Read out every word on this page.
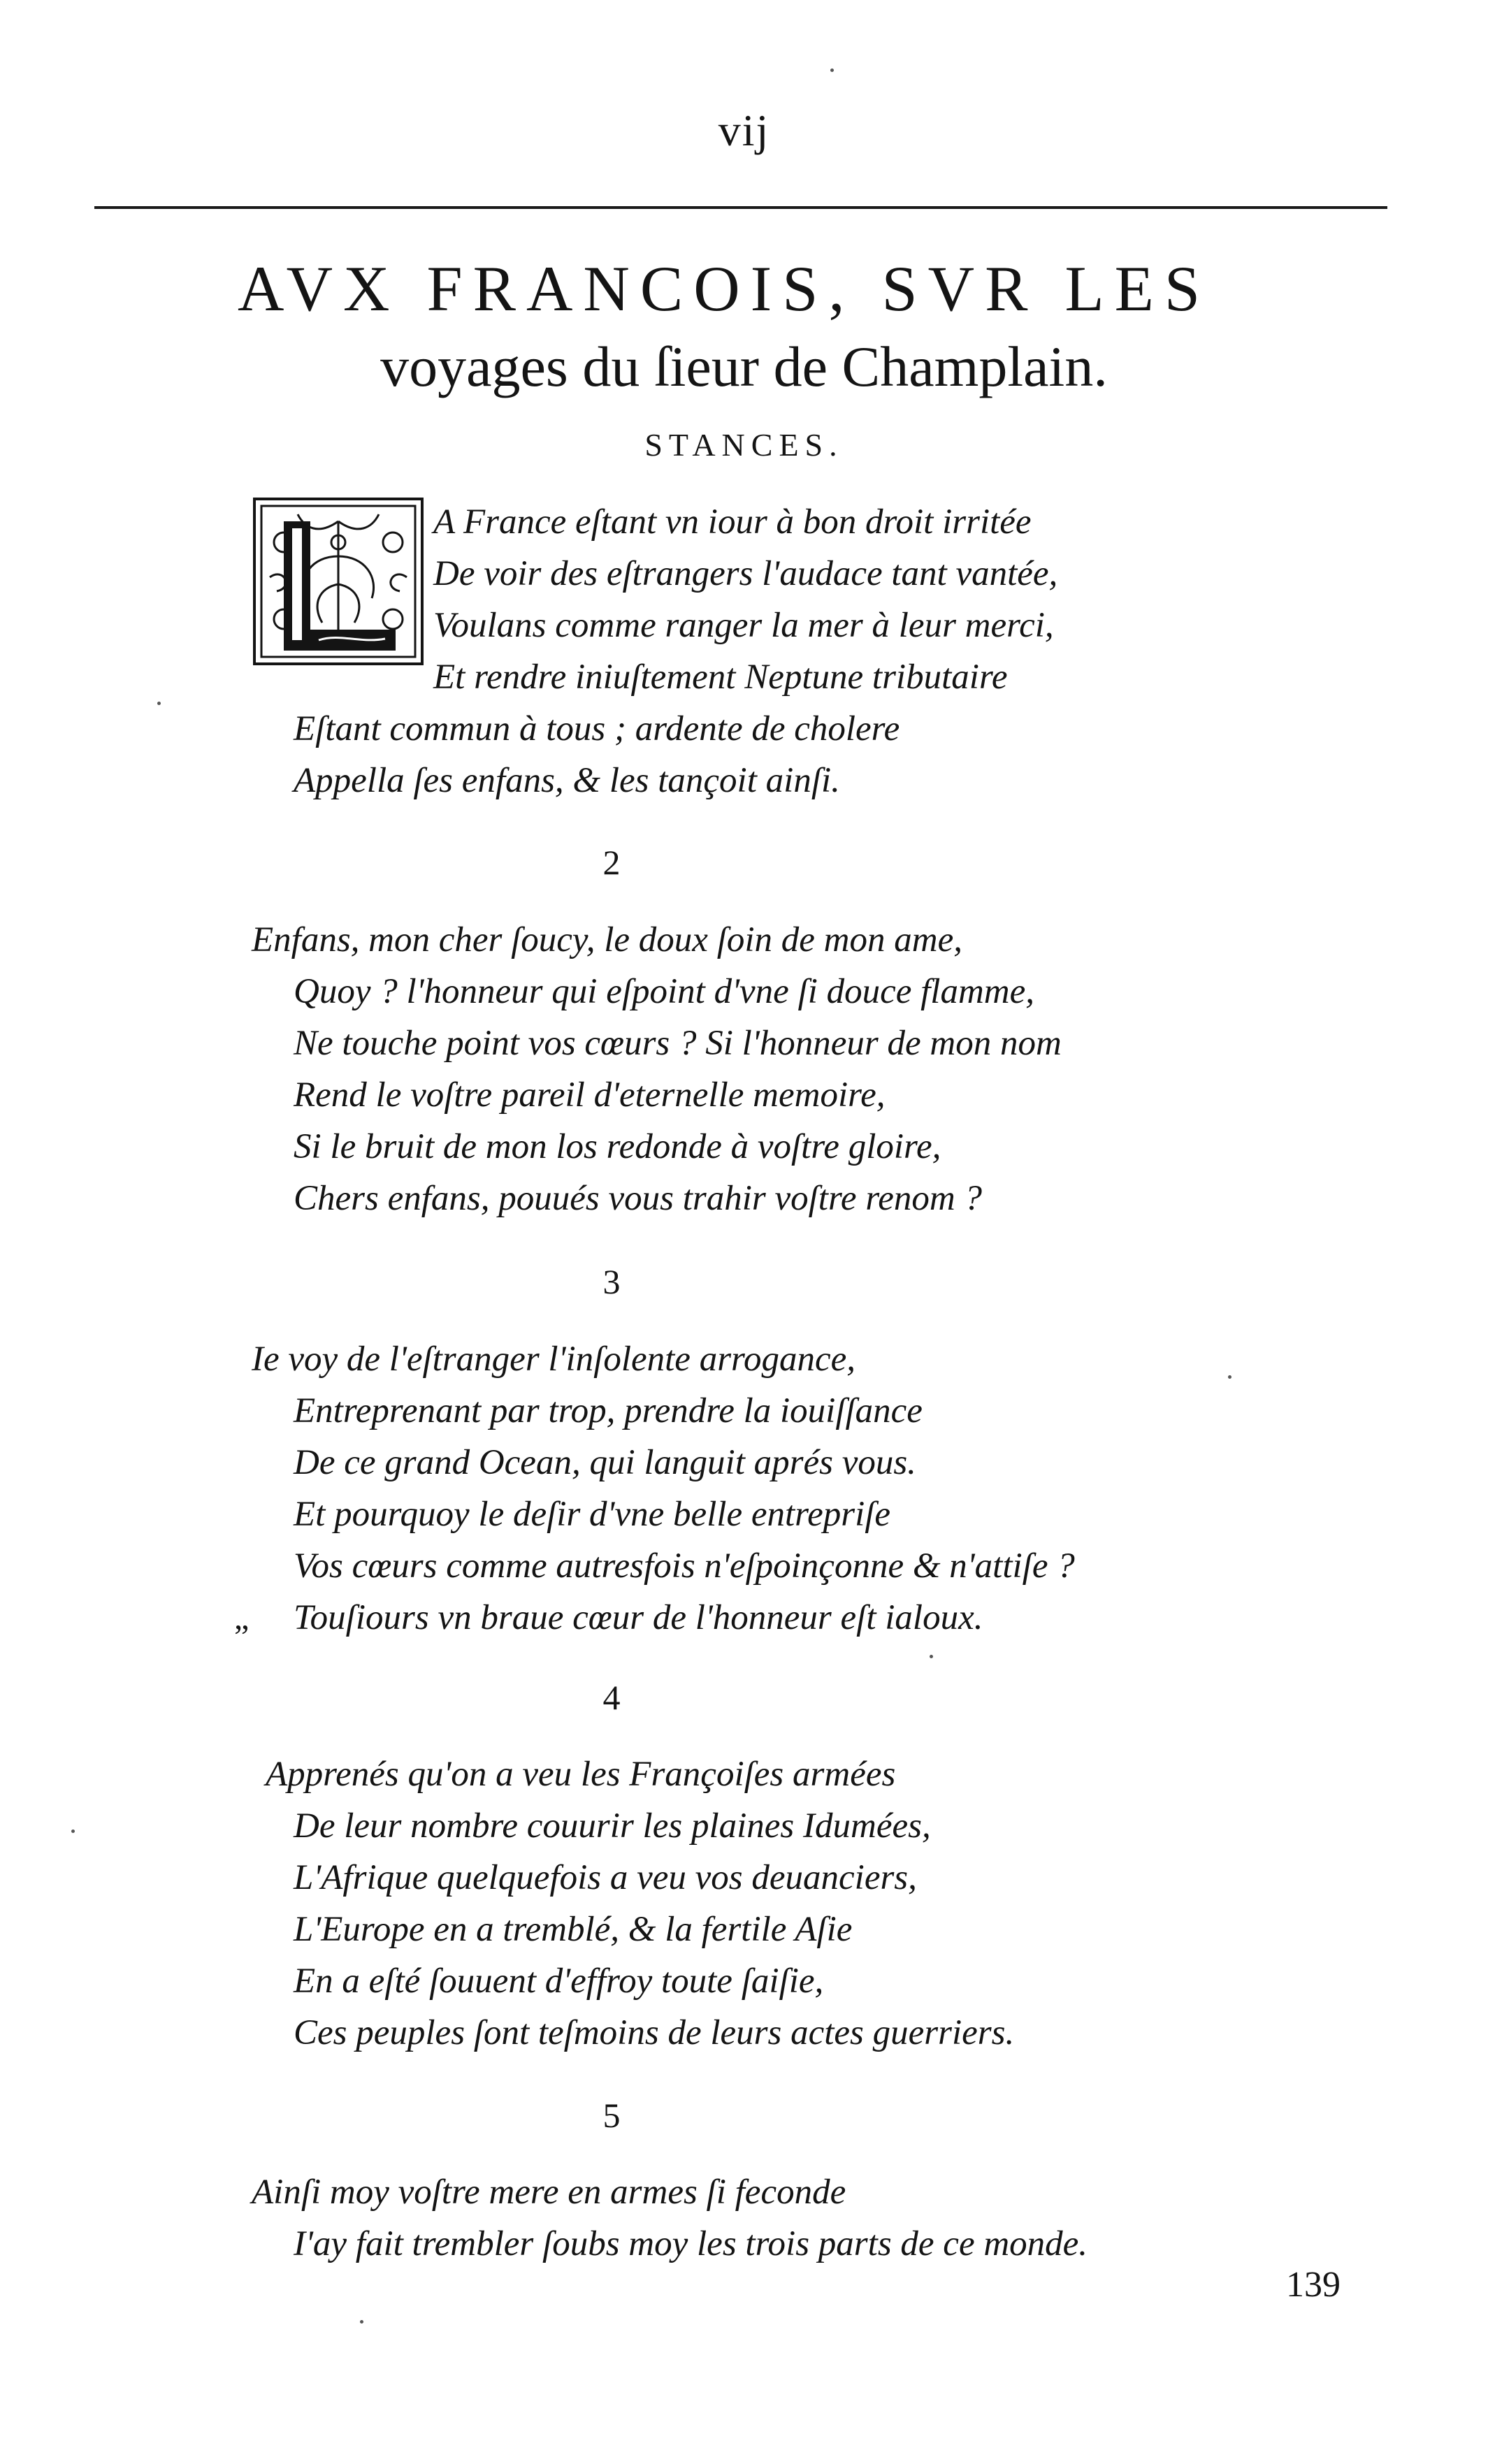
vij
AVX FRANCOIS, SVR LES
voyages du ſieur de Champlain.
STANCES.

A France eſtant vn iour à bon droit irritée

De voir des eſtrangers l'audace tant vantée,

Voulans comme ranger la mer à leur merci,

Et rendre iniuſtement Neptune tributaire

Eſtant commun à tous ; ardente de cholere

Appella ſes enfans, & les tançoit ainſi.

2

Enfans, mon cher ſoucy, le doux ſoin de mon ame,

Quoy ? l'honneur qui eſpoint d'vne ſi douce flamme,

Ne touche point vos cœurs ? Si l'honneur de mon nom

Rend le voſtre pareil d'eternelle memoire,

Si le bruit de mon los redonde à voſtre gloire,

Chers enfans, pouués vous trahir voſtre renom ?

3

Ie voy de l'eſtranger l'inſolente arrogance,

Entreprenant par trop, prendre la iouiſſance

De ce grand Ocean, qui languit aprés vous.

Et pourquoy le deſir d'vne belle entrepriſe

Vos cœurs comme autresfois n'eſpoinçonne & n'attiſe ?

„ Touſiours vn braue cœur de l'honneur eſt ialoux.

4

Apprenés qu'on a veu les Françoiſes armées

De leur nombre couurir les plaines Idumées,

L'Afrique quelquefois a veu vos deuanciers,

L'Europe en a tremblé, & la fertile Aſie

En a eſté ſouuent d'effroy toute ſaiſie,

Ces peuples ſont teſmoins de leurs actes guerriers.

5

Ainſi moy voſtre mere en armes ſi feconde

I'ay fait trembler ſoubs moy les trois parts de ce monde.

139
